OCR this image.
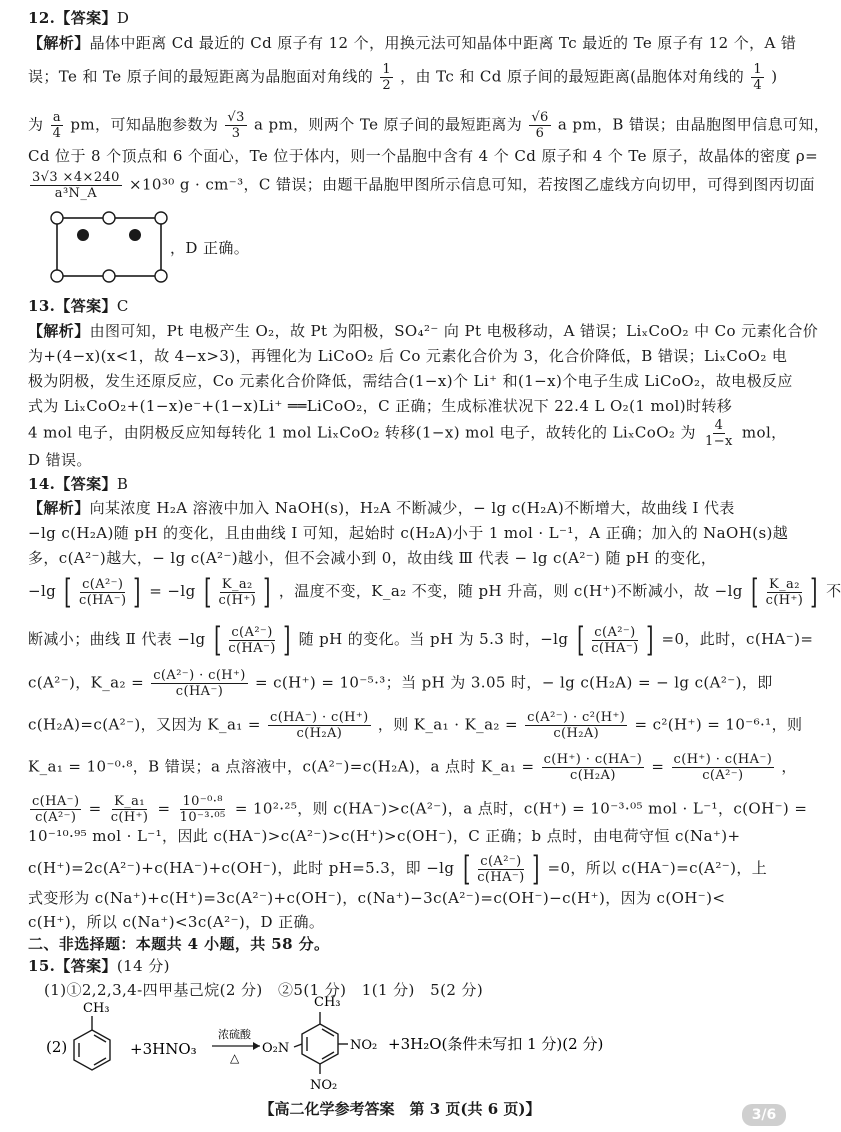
12.【答案】D
【解析】晶体中距离 Cd 最近的 Cd 原子有 12 个，用换元法可知晶体中距离 Tc 最近的 Te 原子有 12 个，A 错
误；Te 和 Te 原子间的最短距离为晶胞面对角线的 $\frac{1}{2}$ ，由 Tc 和 Cd 原子间的最短距离(晶胞体对角线的 $\frac{1}{4}$ )
为 $\frac{a}{4}$ pm，可知晶胞参数为 $\frac{√3}{3}$ a pm，则两个 Te 原子间的最短距离为 $\frac{√6}{6}$ a pm，B 错误；由晶胞图甲信息可知，
Cd 位于 8 个顶点和 6 个面心，Te 位于体内，则一个晶胞中含有 4 个 Cd 原子和 4 个 Te 原子，故晶体的密度 ρ=
$\frac{3√3 \times 4\times 240}{\text{a³N\_A}} \times 10^{30}$ g · cm⁻³，C 错误；由题干晶胞甲图所示信息可知，若按图乙虚线方向切甲，可得到图丙切面
，D 正确。
13.【答案】C
【解析】由图可知，Pt 电极产生 O₂，故 Pt 为阳极，SO₄²⁻ 向 Pt 电极移动，A 错误；LiₓCoO₂ 中 Co 元素化合价
为+(4−x)(x<1，故 4−x>3)，再锂化为 LiCoO₂ 后 Co 元素化合价为 3，化合价降低，B 错误；LiₓCoO₂ 电
极为阴极，发生还原反应，Co 元素化合价降低，需结合(1−x)个 Li⁺ 和(1−x)个电子生成 LiCoO₂，故电极反应
式为 LiₓCoO₂+(1−x)e⁻+(1−x)Li⁺ ══LiCoO₂，C 正确；生成标准状况下 22.4 L O₂(1 mol)时转移
4 mol 电子，由阴极反应知每转化 1 mol LiₓCoO₂ 转移(1−x) mol 电子，故转化的 LiₓCoO₂ 为 $\frac{4}{1-x}$ mol，
D 错误。
14.【答案】B
【解析】向某浓度 H₂A 溶液中加入 NaOH(s)，H₂A 不断减少，− lg c(H₂A)不断增大，故曲线 Ⅰ 代表
−lg c(H₂A)随 pH 的变化，且由曲线 Ⅰ 可知，起始时 c(H₂A)小于 1 mol · L⁻¹，A 正确；加入的 NaOH(s)越
多，c(A²⁻)越大，− lg c(A²⁻)越小，但不会减小到 0，故由线 Ⅲ 代表 − lg c(A²⁻) 随 pH 的变化，
−lg [ $\frac{\text{c(A²⁻)}}{c(HA^-)}$ ] = −lg [ $\frac{\text{K\_a₂}}{c(H^+)}$ ] ，温度不变，K_a₂ 不变，随 pH 升高，则 c(H⁺)不断减小，故 −lg [ $\frac{\text{K\_a₂}}{c(H^+)}$ ] 不
断减小；曲线 Ⅱ 代表 −lg [ $\frac{\text{c(A²⁻)}}{c(HA^-)}$ ] 随 pH 的变化。当 pH 为 5.3 时，−lg [ $\frac{\text{c(A²⁻)}}{c(HA^-)}$ ] =0，此时，c(HA⁻)=
c(A²⁻)，K_a₂ = $\frac{\text{c(A²⁻) · c(H⁺)}}{c(HA^-)} = c(H^+) = 10^{-5}\cdot^3$；当 pH 为 3.05 时，− lg c(H₂A) = − lg c(A²⁻)，即
c(H₂A)=c(A²⁻)，又因为 K_a₁ = $\frac{c(HA^-) \cdot c(H^+)}{\text{c(H₂A)}}$ ，则 K_a₁ · K_a₂ = $\frac{\text{c(A²⁻) · c²(H⁺)}}{\text{c(H₂A)}} = c^2(H^+) = 10^{-6}\cdot^1$，则
K_a₁ = 10⁻⁰·⁸，B 错误；a 点溶液中，c(A²⁻)=c(H₂A)，a 点时 K_a₁ = $\frac{c(H^+) \cdot c(HA^-)}{\text{c(H₂A)}} = \frac{c(H^+) \cdot c(HA^-)}{\text{c(A²⁻)}}$ ，
$\frac{c(HA^-)}{\text{c(A²⁻)}} = \frac{\text{K\_a₁}}{c(H^+)} = \frac{\text{10⁻⁰·⁸}}{\text{10⁻³·⁰⁵}} = 10^2\cdot^{25}$，则 c(HA⁻)>c(A²⁻)，a 点时，c(H⁺) = 10⁻³·⁰⁵ mol · L⁻¹，c(OH⁻) =
10⁻¹⁰·⁹⁵ mol · L⁻¹，因此 c(HA⁻)>c(A²⁻)>c(H⁺)>c(OH⁻)，C 正确；b 点时，由电荷守恒 c(Na⁺)+
c(H⁺)=2c(A²⁻)+c(HA⁻)+c(OH⁻)，此时 pH=5.3，即 −lg [ $\frac{\text{c(A²⁻)}}{c(HA^-)}$ ] =0，所以 c(HA⁻)=c(A²⁻)，上
式变形为 c(Na⁺)+c(H⁺)=3c(A²⁻)+c(OH⁻)，c(Na⁺)−3c(A²⁻)=c(OH⁻)−c(H⁺)，因为 c(OH⁻)<
c(H⁺)，所以 c(Na⁺)<3c(A²⁻)，D 正确。
二、非选择题：本题共 4 小题，共 58 分。
15.【答案】(14 分)
(1)①2,2,3,4-四甲基己烷(2 分)　②5(1 分)　1(1 分)　5(2 分)
(2)
CH₃
+3HNO₃
浓硫酸
△
O₂N
CH₃
NO₂
NO₂
+3H₂O(条件未写扣 1 分)(2 分)
【高二化学参考答案　第 3 页(共 6 页)】	3/6
